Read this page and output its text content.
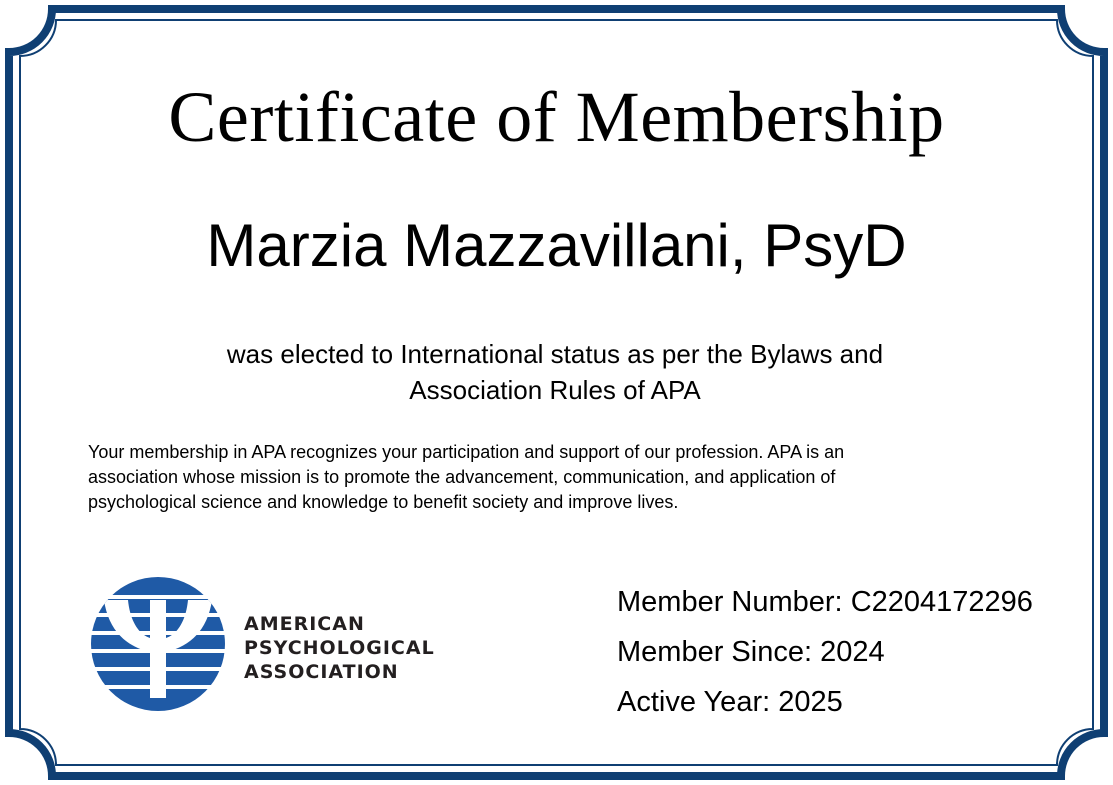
Certificate of Membership
Marzia Mazzavillani, PsyD
was elected to International status as per the Bylaws and
Association Rules of APA
Your membership in APA recognizes your participation and support of our profession. APA is an
association whose mission is to promote the advancement, communication, and application of
psychological science and knowledge to benefit society and improve lives.
AMERICAN
PSYCHOLOGICAL
ASSOCIATION
Member Number: C2204172296
Member Since: 2024
Active Year: 2025
